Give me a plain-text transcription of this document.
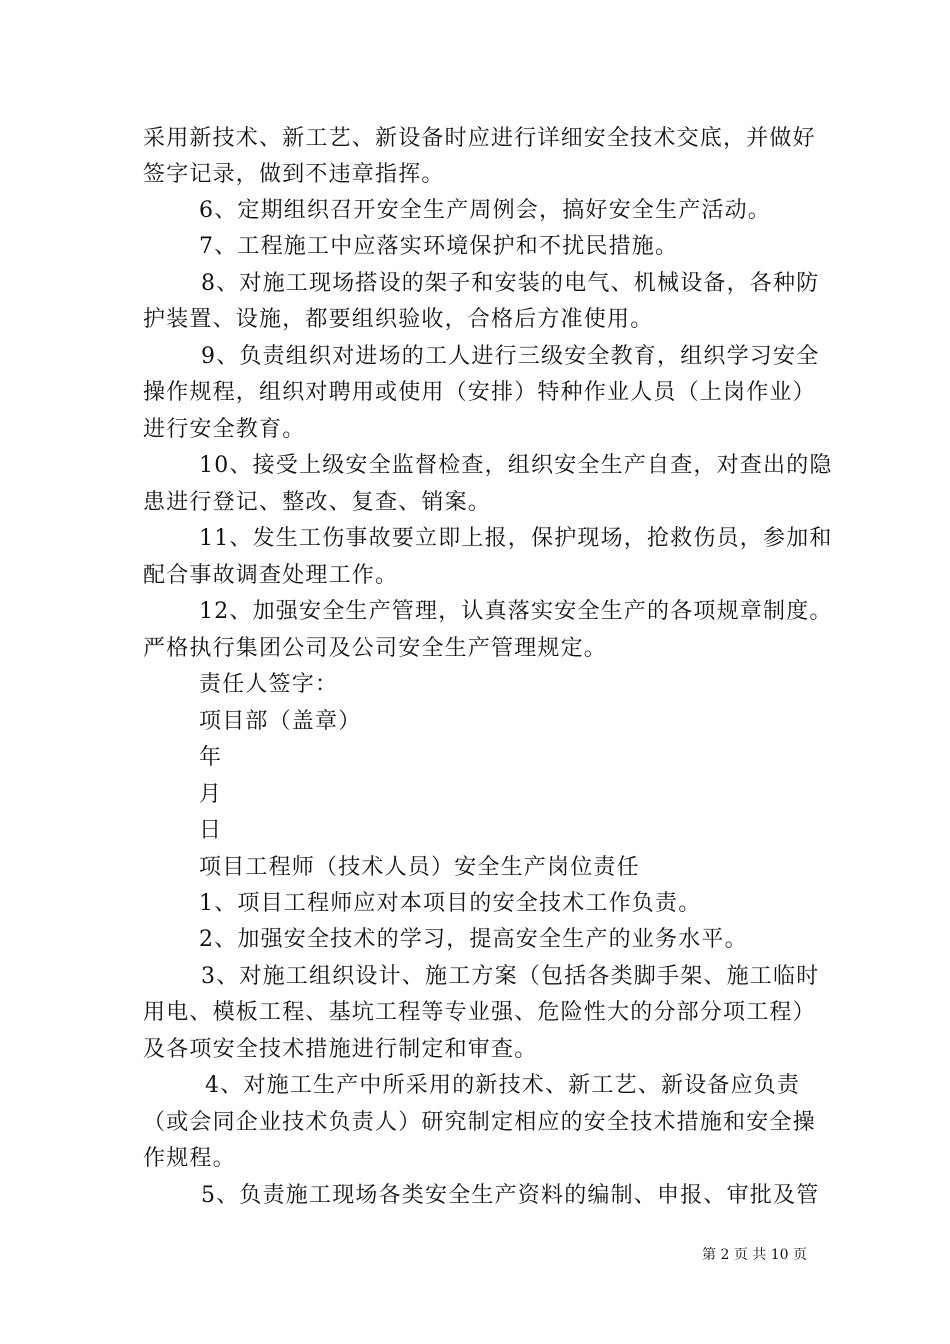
采用新技术、新工艺、新设备时应进行详细安全技术交底，并做好
签字记录，做到不违章指挥。
6、定期组织召开安全生产周例会，搞好安全生产活动。
7、工程施工中应落实环境保护和不扰民措施。
8、对施工现场搭设的架子和安装的电气、机械设备，各种防
护装置、设施，都要组织验收，合格后方准使用。
9、负责组织对进场的工人进行三级安全教育，组织学习安全
操作规程，组织对聘用或使用（安排）特种作业人员（上岗作业）
进行安全教育。
10、接受上级安全监督检查，组织安全生产自查，对查出的隐
患进行登记、整改、复查、销案。
11、发生工伤事故要立即上报，保护现场，抢救伤员，参加和
配合事故调查处理工作。
12、加强安全生产管理，认真落实安全生产的各项规章制度。
严格执行集团公司及公司安全生产管理规定。
责任人签字：
项目部（盖章）
年
月
日
项目工程师（技术人员）安全生产岗位责任
1、项目工程师应对本项目的安全技术工作负责。
2、加强安全技术的学习，提高安全生产的业务水平。
3、对施工组织设计、施工方案（包括各类脚手架、施工临时
用电、模板工程、基坑工程等专业强、危险性大的分部分项工程）
及各项安全技术措施进行制定和审查。
4、对施工生产中所采用的新技术、新工艺、新设备应负责
（或会同企业技术负责人）研究制定相应的安全技术措施和安全操
作规程。
5、负责施工现场各类安全生产资料的编制、申报、审批及管
第 2 页 共 10 页
